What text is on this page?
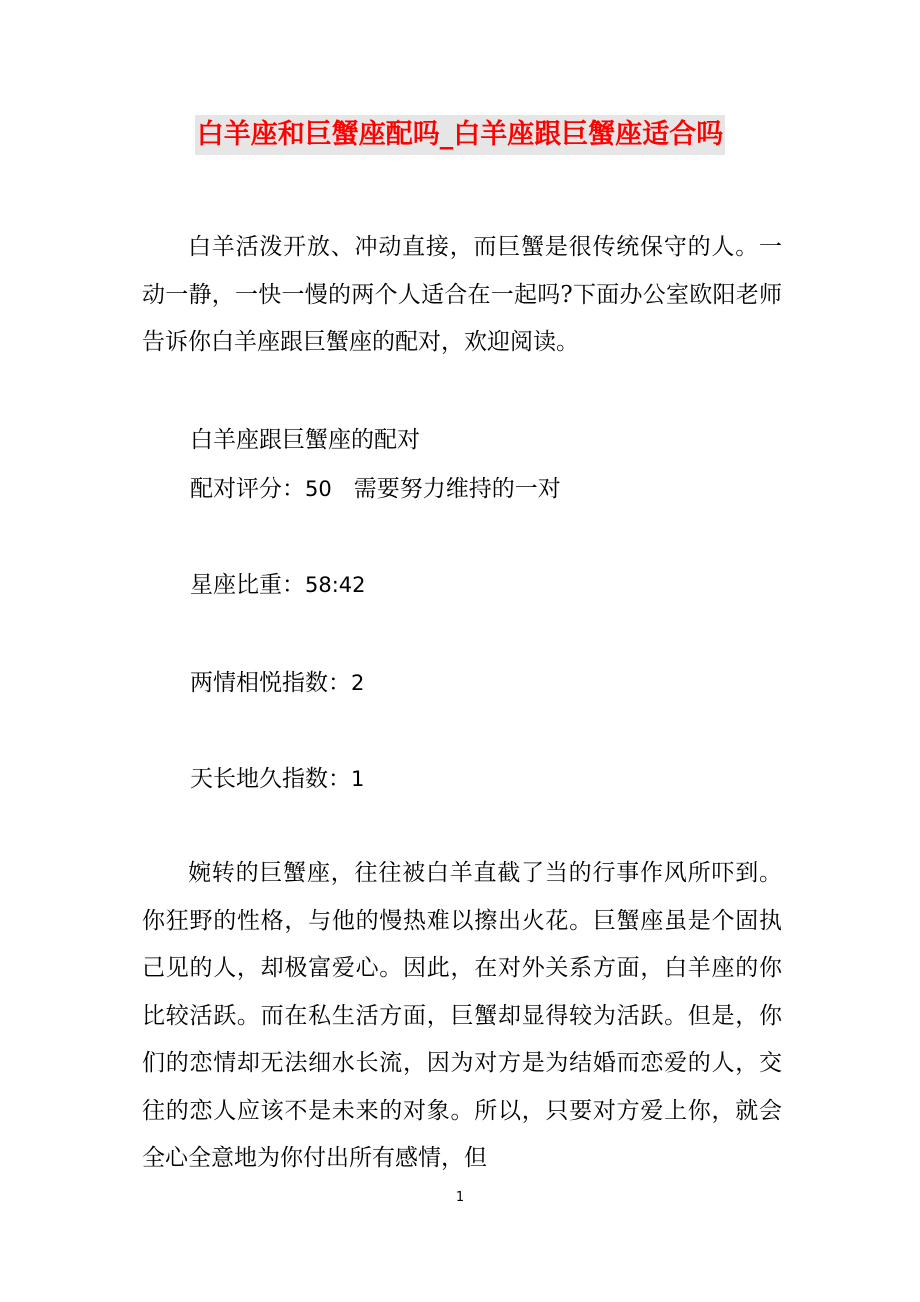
白羊座和巨蟹座配吗_白羊座跟巨蟹座适合吗

白羊活泼开放、冲动直接，而巨蟹是很传统保守的人。一动一静，一快一慢的两个人适合在一起吗?下面办公室欧阳老师告诉你白羊座跟巨蟹座的配对，欢迎阅读。

白羊座跟巨蟹座的配对
配对评分：50 需要努力维持的一对
星座比重：58:42
两情相悦指数：2
天长地久指数：1

婉转的巨蟹座，往往被白羊直截了当的行事作风所吓到。你狂野的性格，与他的慢热难以擦出火花。巨蟹座虽是个固执己见的人，却极富爱心。因此，在对外关系方面，白羊座的你比较活跃。而在私生活方面，巨蟹却显得较为活跃。但是，你们的恋情却无法细水长流，因为对方是为结婚而恋爱的人，交往的恋人应该不是未来的对象。所以，只要对方爱上你，就会全心全意地为你付出所有感情，但

1
